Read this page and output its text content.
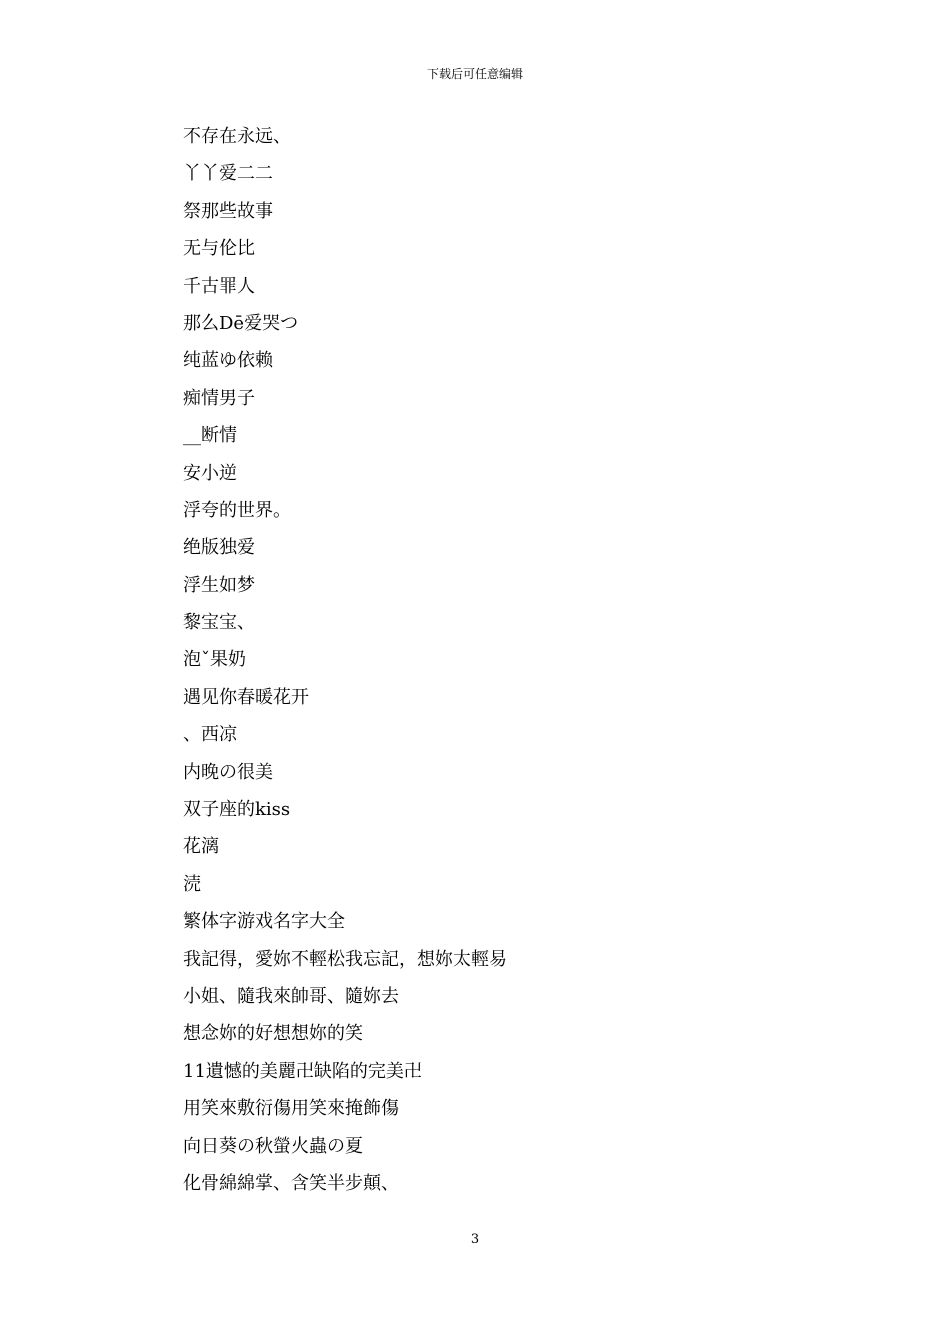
下载后可任意编辑
不存在永远、
丫丫爱二二
祭那些故事
无与伦比
千古罪人
那么Dē爱哭つ
纯蓝ゆ依赖
痴情男子
__断情
安小逆
浮夸的世界。
绝版独爱
浮生如梦
黎宝宝、
泡ˇ果奶
遇见你春暖花开
、西凉
内晚の很美
双子座的kiss
花漓
涜
繁体字游戏名字大全
我記得，愛妳不輕松我忘記，想妳太輕易
小姐、隨我來帥哥、隨妳去
想念妳的好想想妳的笑
11遺憾的美麗卍缺陷的完美卍
用笑來敷衍傷用笑來掩飾傷
向日葵の秋螢火蟲の夏
化骨綿綿掌、含笑半步顛、
3
